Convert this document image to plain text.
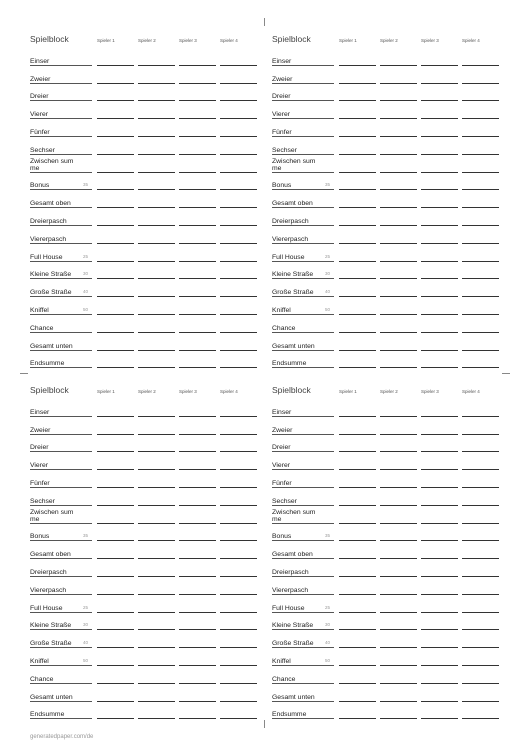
Spielblock	Spieler 1	Spieler 2	Spieler 3	Spieler 4
Einser
Zweier
Dreier
Vierer
Fünfer
Sechser
Zwischen summe
Bonus	35
Gesamt oben
Dreierpasch
Viererpasch
Full House	25
Kleine Straße	30
Große Straße	40
Kniffel	50
Chance
Gesamt unten
Endsumme
Spielblock	Spieler 1	Spieler 2	Spieler 3	Spieler 4
Einser
Zweier
Dreier
Vierer
Fünfer
Sechser
Zwischen summe
Bonus	35
Gesamt oben
Dreierpasch
Viererpasch
Full House	25
Kleine Straße	30
Große Straße	40
Kniffel	50
Chance
Gesamt unten
Endsumme
Spielblock	Spieler 1	Spieler 2	Spieler 3	Spieler 4
Einser
Zweier
Dreier
Vierer
Fünfer
Sechser
Zwischen summe
Bonus	35
Gesamt oben
Dreierpasch
Viererpasch
Full House	25
Kleine Straße	30
Große Straße	40
Kniffel	50
Chance
Gesamt unten
Endsumme
Spielblock	Spieler 1	Spieler 2	Spieler 3	Spieler 4
Einser
Zweier
Dreier
Vierer
Fünfer
Sechser
Zwischen summe
Bonus	35
Gesamt oben
Dreierpasch
Viererpasch
Full House	25
Kleine Straße	30
Große Straße	40
Kniffel	50
Chance
Gesamt unten
Endsumme
generatedpaper.com/de
